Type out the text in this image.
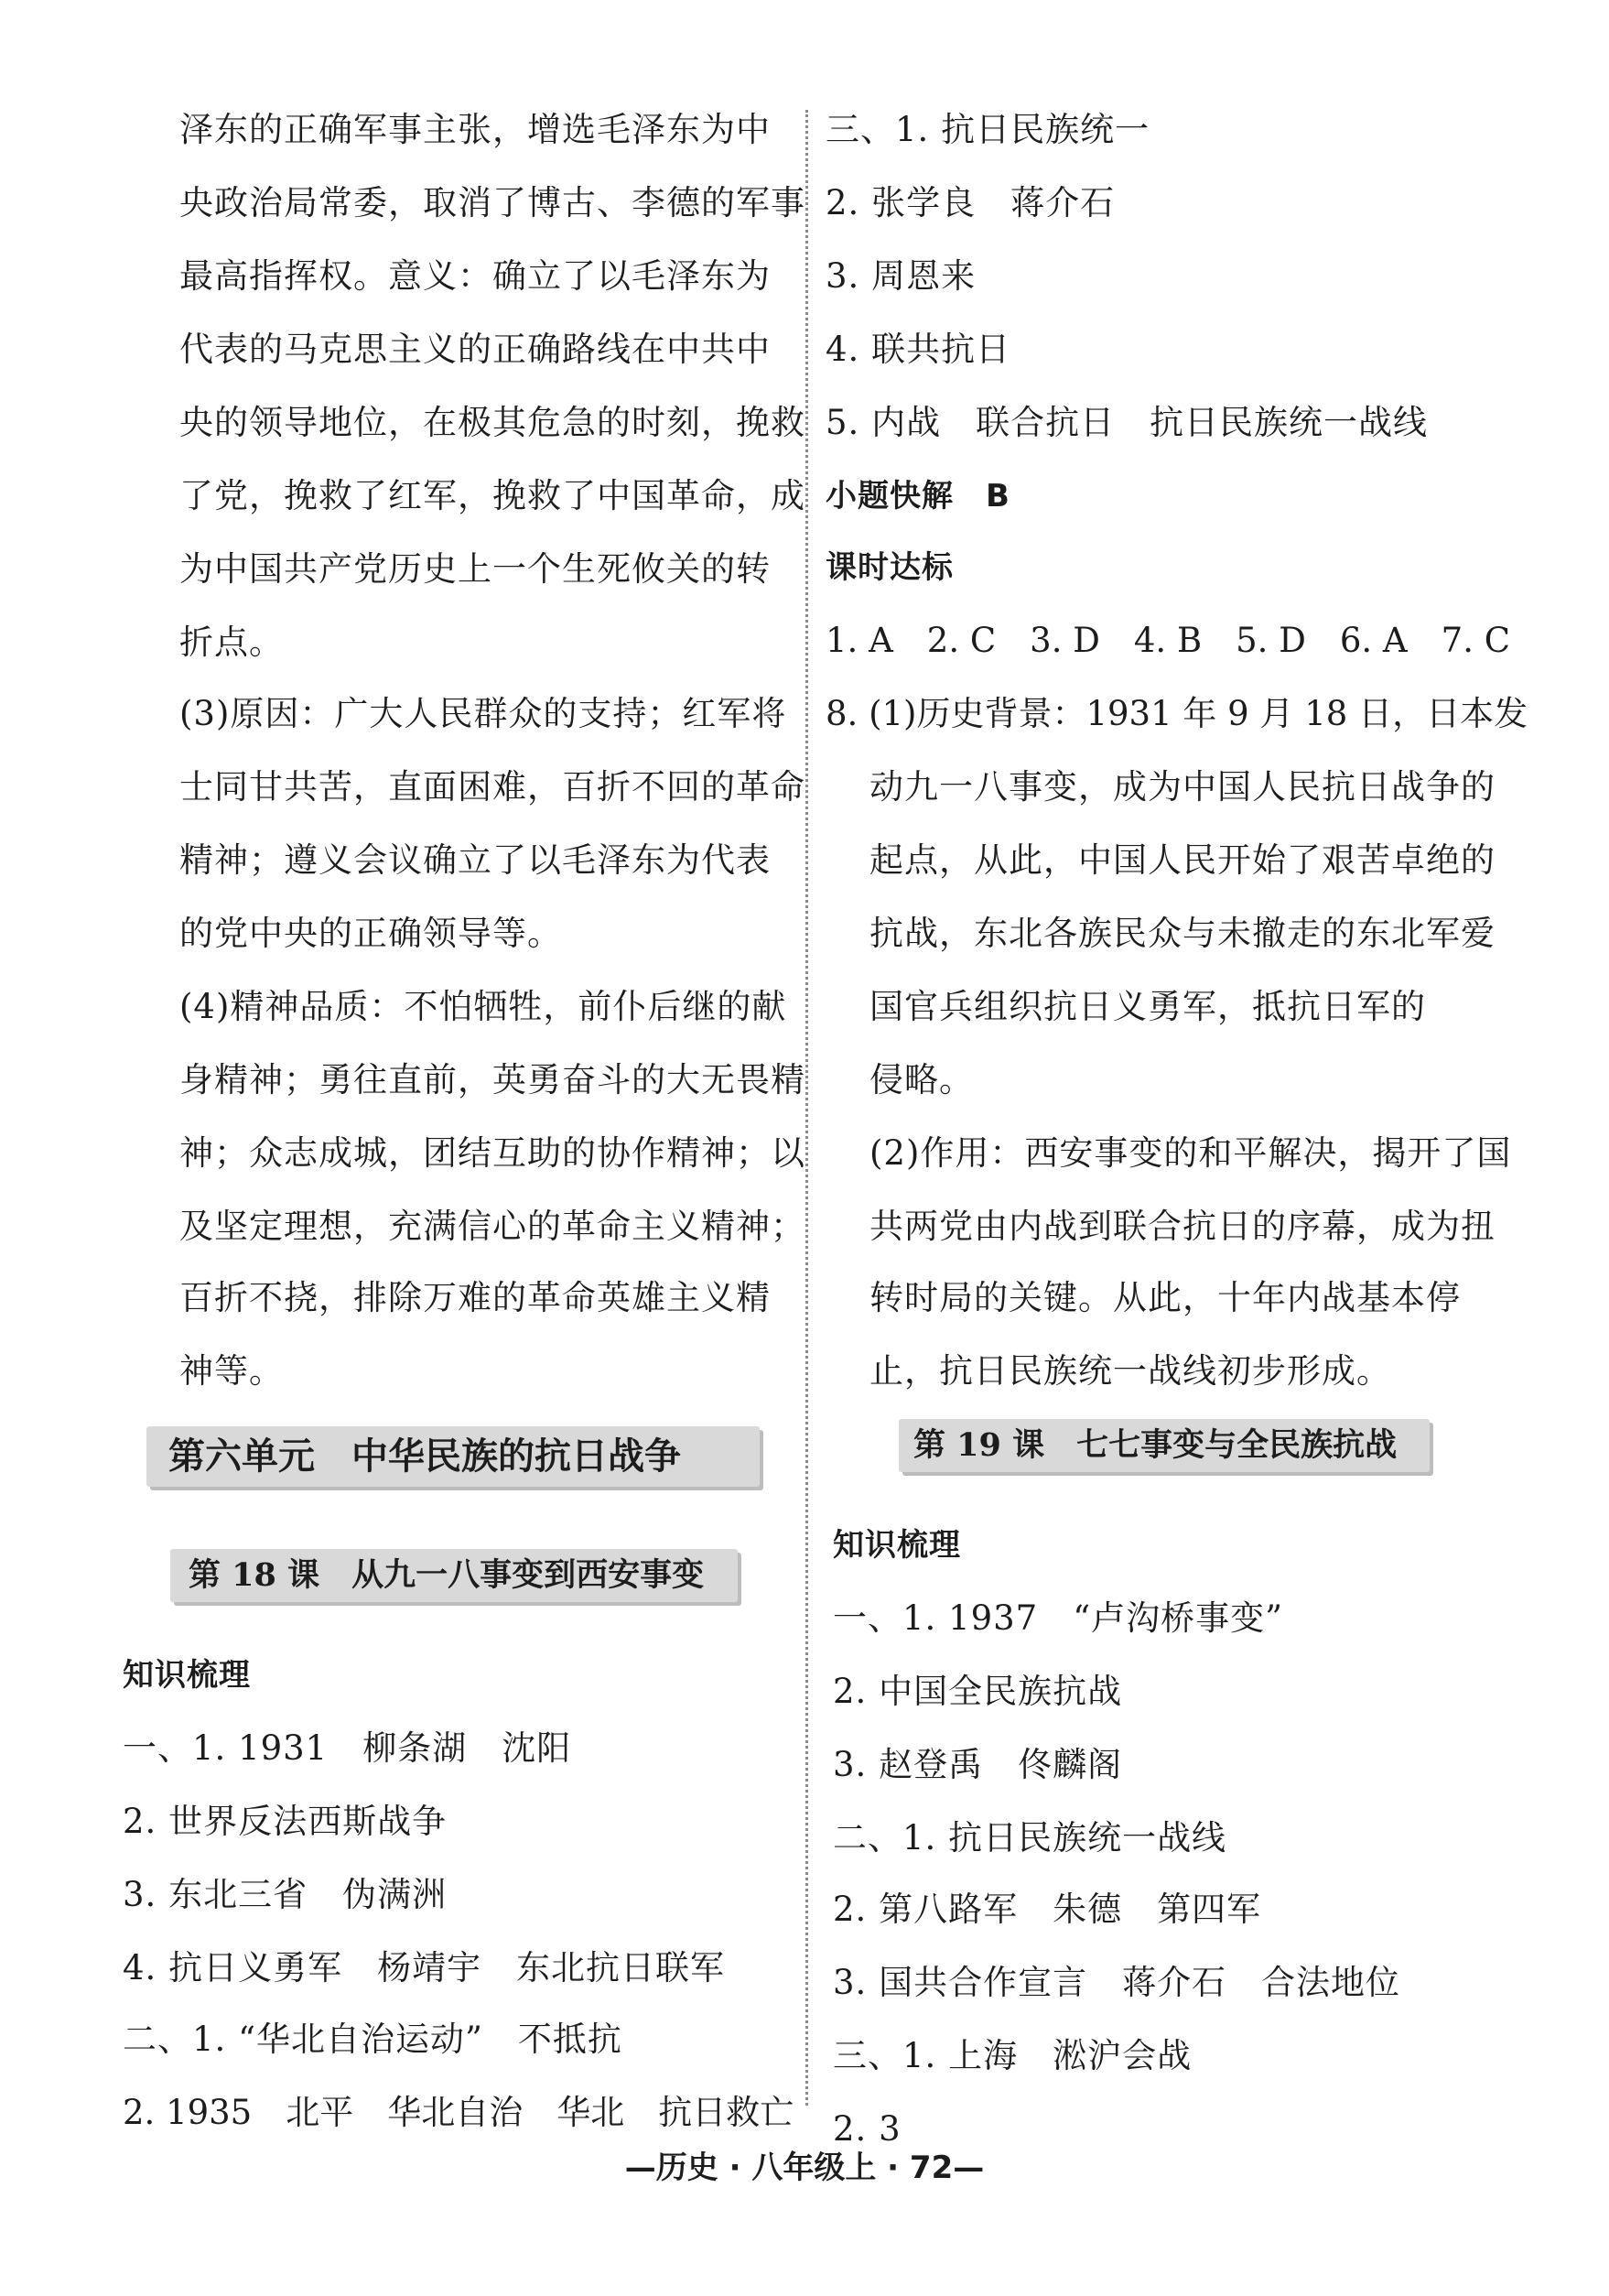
泽东的正确军事主张，增选毛泽东为中
央政治局常委，取消了博古、李德的军事
最高指挥权。意义：确立了以毛泽东为
代表的马克思主义的正确路线在中共中
央的领导地位，在极其危急的时刻，挽救
了党，挽救了红军，挽救了中国革命，成
为中国共产党历史上一个生死攸关的转
折点。
(3)原因：广大人民群众的支持；红军将
士同甘共苦，直面困难，百折不回的革命
精神；遵义会议确立了以毛泽东为代表
的党中央的正确领导等。
(4)精神品质：不怕牺牲，前仆后继的献
身精神；勇往直前，英勇奋斗的大无畏精
神；众志成城，团结互助的协作精神；以
及坚定理想，充满信心的革命主义精神；
百折不挠，排除万难的革命英雄主义精
神等。
第六单元　中华民族的抗日战争
第 18 课　从九一八事变到西安事变
知识梳理
一、1. 1931　柳条湖　沈阳
2. 世界反法西斯战争
3. 东北三省　伪满洲
4. 抗日义勇军　杨靖宇　东北抗日联军
二、1. “华北自治运动”　不抵抗
2. 1935　北平　华北自治　华北　抗日救亡
三、1. 抗日民族统一
2. 张学良　蒋介石
3. 周恩来
4. 联共抗日
5. 内战　联合抗日　抗日民族统一战线
小题快解　B
课时达标
1. A　2. C　3. D　4. B　5. D　6. A　7. C
8. (1)历史背景：1931 年 9 月 18 日，日本发
动九一八事变，成为中国人民抗日战争的
起点，从此，中国人民开始了艰苦卓绝的
抗战，东北各族民众与未撤走的东北军爱
国官兵组织抗日义勇军，抵抗日军的
侵略。
(2)作用：西安事变的和平解决，揭开了国
共两党由内战到联合抗日的序幕，成为扭
转时局的关键。从此，十年内战基本停
止，抗日民族统一战线初步形成。
第 19 课　七七事变与全民族抗战
知识梳理
一、1. 1937　“卢沟桥事变”
2. 中国全民族抗战
3. 赵登禹　佟麟阁
二、1. 抗日民族统一战线
2. 第八路军　朱德　第四军
3. 国共合作宣言　蒋介石　合法地位
三、1. 上海　淞沪会战
2. 3
—历史 · 八年级上 · 72—
